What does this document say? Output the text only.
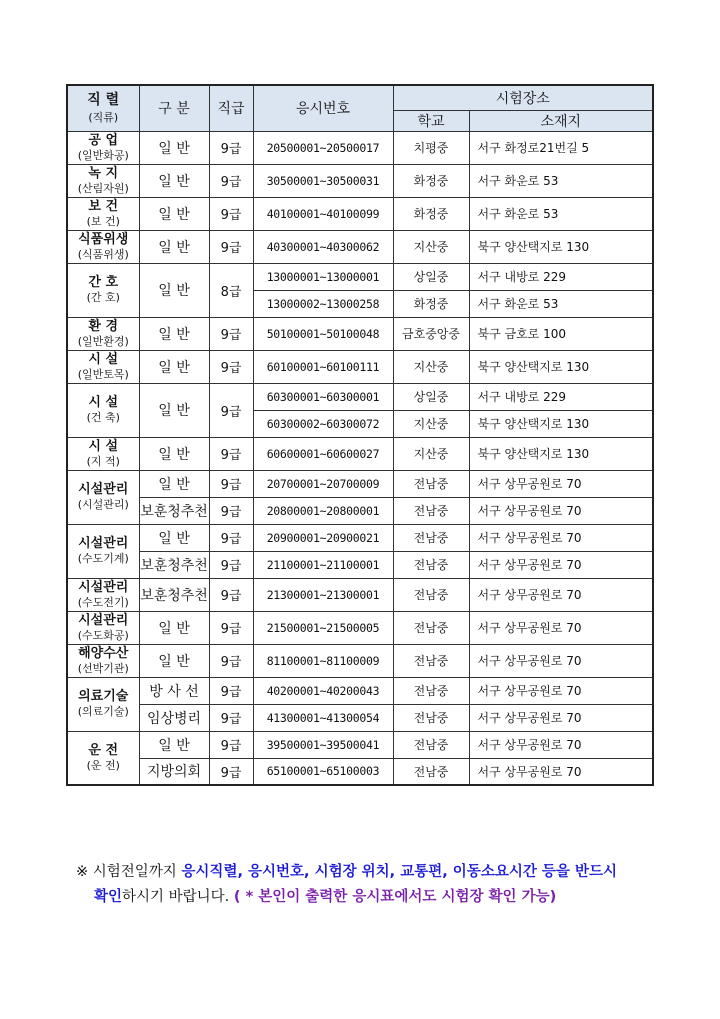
직 렬
(직류)	구 분	직급	응시번호	시험장소	
				학교	소재지

공 업
(일반화공)	일 반	9급	20500001~20500017	치평중	서구 화정로21번길 5

녹 지
(산림자원)	일 반	9급	30500001~30500031	화정중	서구 화운로 53

보 건
(보 건)	일 반	9급	40100001~40100099	화정중	서구 화운로 53

식품위생
(식품위생)	일 반	9급	40300001~40300062	지산중	북구 양산택지로 130

간 호
(간 호)	일 반	8급	13000001~13000001	상일중	서구 내방로 229
			13000002~13000258	화정중	서구 화운로 53

환 경
(일반환경)	일 반	9급	50100001~50100048	금호중앙중	북구 금호로 100

시 설
(일반토목)	일 반	9급	60100001~60100111	지산중	북구 양산택지로 130

시 설
(건 축)	일 반	9급	60300001~60300001	상일중	서구 내방로 229
			60300002~60300072	지산중	북구 양산택지로 130

시 설
(지 적)	일 반	9급	60600001~60600027	지산중	북구 양산택지로 130

시설관리
(시설관리)	일 반	9급	20700001~20700009	전남중	서구 상무공원로 70
	보훈청추천	9급	20800001~20800001	전남중	서구 상무공원로 70

시설관리
(수도기계)	일 반	9급	20900001~20900021	전남중	서구 상무공원로 70
	보훈청추천	9급	21100001~21100001	전남중	서구 상무공원로 70

시설관리
(수도전기)	보훈청추천	9급	21300001~21300001	전남중	서구 상무공원로 70

시설관리
(수도화공)	일 반	9급	21500001~21500005	전남중	서구 상무공원로 70

해양수산
(선박기관)	일 반	9급	81100001~81100009	전남중	서구 상무공원로 70

의료기술
(의료기술)	방 사 선	9급	40200001~40200043	전남중	서구 상무공원로 70
	임상병리	9급	41300001~41300054	전남중	서구 상무공원로 70

운 전
(운 전)	일 반	9급	39500001~39500041	전남중	서구 상무공원로 70
	지방의회	9급	65100001~65100003	전남중	서구 상무공원로 70
※ 시험전일까지 응시직렬, 응시번호, 시험장 위치, 교통편, 이동소요시간 등을 반드시
확인하시기 바랍니다. ( * 본인이 출력한 응시표에서도 시험장 확인 가능)
